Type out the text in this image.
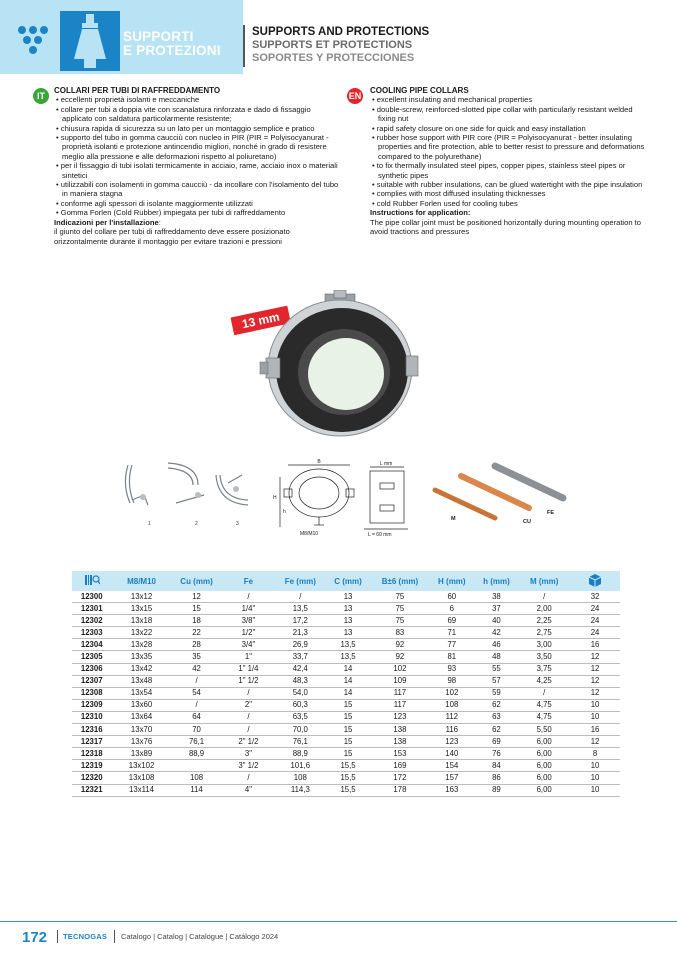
SUPPORTI
E PROTEZIONI
SUPPORTS AND PROTECTIONS
SUPPORTS ET PROTECTIONS
SOPORTES Y PROTECCIONES
IT
COLLARI PER TUBI DI RAFFREDDAMENTO
• eccellenti proprietà isolanti e meccaniche
• collare per tubi a doppia vite con scanalatura rinforzata e dado di fissaggio applicato con saldatura particolarmente resistente;
• chiusura rapida di sicurezza su un lato per un montaggio semplice e pratico
• supporto del tubo in gomma caucciù con nucleo in PIR (PIR = Polyisocyanurat - proprietà isolanti e protezione antincendio migliori, nonché in grado di resistere meglio alla pressione e alle deformazioni rispetto al poliuretano)
• per il fissaggio di tubi isolati termicamente in acciaio, rame, acciaio inox o materiali sintetici
• utilizzabili con isolamenti in gomma caucciù - da incollare con l'isolamento del tubo in maniera stagna
• conforme agli spessori di isolante maggiormente utilizzati
• Gomma Forlen (Cold Rubber) impiegata per tubi di raffreddamento
Indicazioni per l'installazione:
il giunto del collare per tubi di raffreddamento deve essere posizionato orizzontalmente durante il montaggio per evitare trazioni e pressioni
EN
COOLING PIPE COLLARS
• excellent insulating and mechanical properties
• double-screw, reinforced-slotted pipe collar with particularly resistant welded fixing nut
• rapid safety closure on one side for quick and easy installation
• rubber hose support with PIR core (PIR = Polyisocyanurat - better insulating properties and fire protection, able to better resist to pressure and deformations compared to the polyurethane)
• to fix thermally insulated steel pipes, copper pipes, stainless steel pipes or synthetic pipes
• suitable with rubber insulations, can be glued watertight with the pipe insulation
• complies with most diffused insulating thicknesses
• cold Rubber Forlen used for cooling tubes
Instructions for application:
The pipe collar joint must be positioned horizontally during mounting operation to avoid tractions and pressures
13 mm
1	2	3
B	L mm
H
h
M8/M10	L = 60 mm
M	CU
FE
	M8/M10	Cu (mm)	Fe	Fe (mm)	C (mm)	B±6 (mm)	H (mm)	h (mm)	M (mm)	
12300	13x12	12	/	/	13	75	60	38	/	32
12301	13x15	15	1/4"	13,5	13	75	6	37	2,00	24
12302	13x18	18	3/8"	17,2	13	75	69	40	2,25	24
12303	13x22	22	1/2"	21,3	13	83	71	42	2,75	24
12304	13x28	28	3/4"	26,9	13,5	92	77	46	3,00	16
12305	13x35	35	1"	33,7	13,5	92	81	48	3,50	12
12306	13x42	42	1" 1/4	42,4	14	102	93	55	3,75	12
12307	13x48	/	1" 1/2	48,3	14	109	98	57	4,25	12
12308	13x54	54	/	54,0	14	117	102	59	/	12
12309	13x60	/	2"	60,3	15	117	108	62	4,75	10
12310	13x64	64	/	63,5	15	123	112	63	4,75	10
12316	13x70	70	/	70,0	15	138	116	62	5,50	16
12317	13x76	76,1	2" 1/2	76,1	15	138	123	69	6,00	12
12318	13x89	88,9	3"	88,9	15	153	140	76	6,00	8
12319	13x102		3" 1/2	101,6	15,5	169	154	84	6,00	10
12320	13x108	108	/	108	15,5	172	157	86	6,00	10
12321	13x114	114	4"	114,3	15,5	178	163	89	6,00	10
172 TECNOGAS Catalogo | Catalog | Catalogue | Catálogo 2024
